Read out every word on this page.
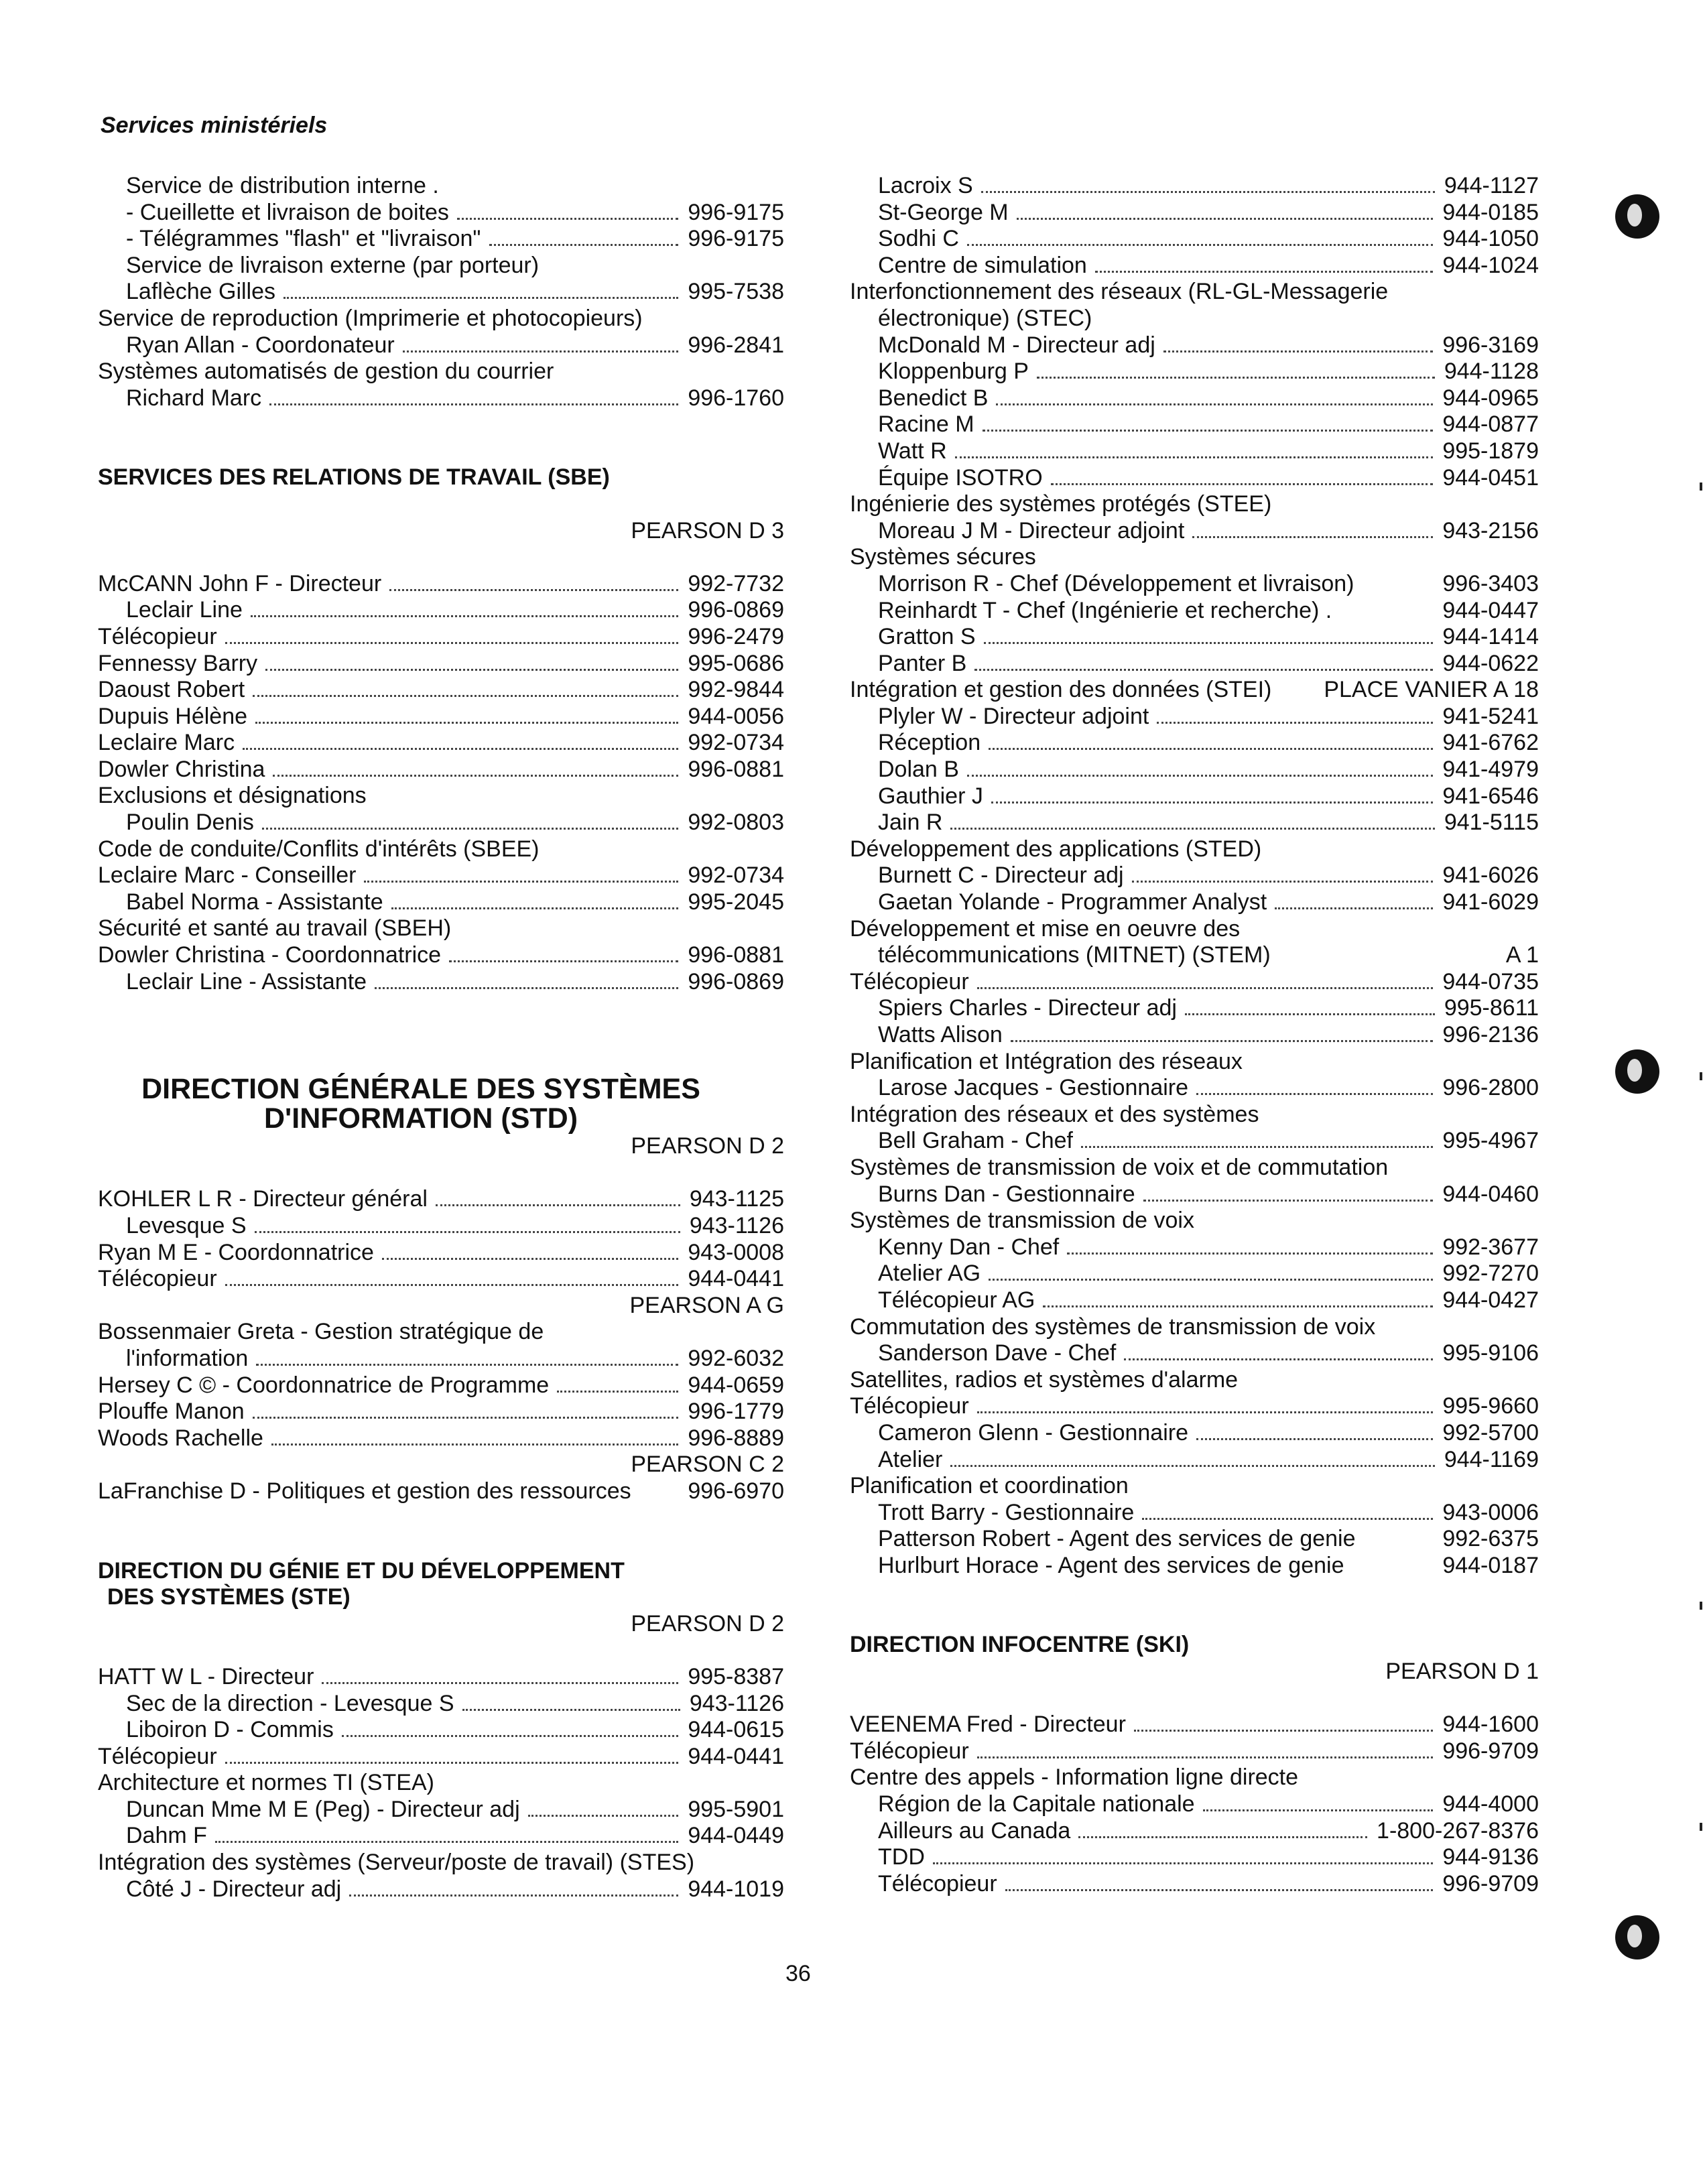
Services ministériels
Service de distribution interne .
- Cueillette et livraison de boites	996-9175
- Télégrammes "flash" et "livraison"	996-9175
Service de livraison externe (par porteur)
Laflèche Gilles	995-7538
Service de reproduction (Imprimerie et photocopieurs)
Ryan Allan - Coordonateur	996-2841
Systèmes automatisés de gestion du courrier
Richard Marc	996-1760
SERVICES DES RELATIONS DE TRAVAIL (SBE)
PEARSON D 3
McCANN John F - Directeur	992-7732
Leclair Line	996-0869
Télécopieur	996-2479
Fennessy Barry	995-0686
Daoust Robert	992-9844
Dupuis Hélène	944-0056
Leclaire Marc	992-0734
Dowler Christina	996-0881
Exclusions et désignations
Poulin Denis	992-0803
Code de conduite/Conflits d'intérêts (SBEE)
Leclaire Marc - Conseiller	992-0734
Babel Norma - Assistante	995-2045
Sécurité et santé au travail (SBEH)
Dowler Christina - Coordonnatrice	996-0881
Leclair Line - Assistante	996-0869
DIRECTION GÉNÉRALE DES SYSTÈMES
D'INFORMATION (STD)
PEARSON D 2
KOHLER L R - Directeur général	943-1125
Levesque S	943-1126
Ryan M E - Coordonnatrice	943-0008
Télécopieur	944-0441
PEARSON A G
Bossenmaier Greta - Gestion stratégique de
l'information	992-6032
Hersey C © - Coordonnatrice de Programme	944-0659
Plouffe Manon	996-1779
Woods Rachelle	996-8889
PEARSON C 2
LaFranchise D - Politiques et gestion des ressources 996-6970
DIRECTION DU GÉNIE ET DU DÉVELOPPEMENT
DES SYSTÈMES (STE)
PEARSON D 2
HATT W L - Directeur	995-8387
Sec de la direction - Levesque S	943-1126
Liboiron D - Commis	944-0615
Télécopieur	944-0441
Architecture et normes TI (STEA)
Duncan Mme M E (Peg) - Directeur adj	995-5901
Dahm F	944-0449
Intégration des systèmes (Serveur/poste de travail) (STES)
Côté J - Directeur adj	944-1019
Lacroix S	944-1127
St-George M	944-0185
Sodhi C	944-1050
Centre de simulation	944-1024
Interfonctionnement des réseaux (RL-GL-Messagerie
électronique) (STEC)
McDonald M - Directeur adj	996-3169
Kloppenburg P	944-1128
Benedict B	944-0965
Racine M	944-0877
Watt R	995-1879
Équipe ISOTRO	944-0451
Ingénierie des systèmes protégés (STEE)
Moreau J M - Directeur adjoint	943-2156
Systèmes sécures
Morrison R - Chef (Développement et livraison)	996-3403
Reinhardt T - Chef (Ingénierie et recherche) .	944-0447
Gratton S	944-1414
Panter B	944-0622
Intégration et gestion des données (STEI) PLACE VANIER A 18
Plyler W - Directeur adjoint	941-5241
Réception	941-6762
Dolan B	941-4979
Gauthier J	941-6546
Jain R	941-5115
Développement des applications (STED)
Burnett C - Directeur adj	941-6026
Gaetan Yolande - Programmer Analyst	941-6029
Développement et mise en oeuvre des
télécommunications (MITNET) (STEM)	A 1
Télécopieur	944-0735
Spiers Charles - Directeur adj	995-8611
Watts Alison	996-2136
Planification et Intégration des réseaux
Larose Jacques - Gestionnaire	996-2800
Intégration des réseaux et des systèmes
Bell Graham - Chef	995-4967
Systèmes de transmission de voix et de commutation
Burns Dan - Gestionnaire	944-0460
Systèmes de transmission de voix
Kenny Dan - Chef	992-3677
Atelier AG	992-7270
Télécopieur AG	944-0427
Commutation des systèmes de transmission de voix
Sanderson Dave - Chef	995-9106
Satellites, radios et systèmes d'alarme
Télécopieur	995-9660
Cameron Glenn - Gestionnaire	992-5700
Atelier	944-1169
Planification et coordination
Trott Barry - Gestionnaire	943-0006
Patterson Robert - Agent des services de genie	992-6375
Hurlburt Horace - Agent des services de genie	944-0187
DIRECTION INFOCENTRE (SKI)
PEARSON D 1
VEENEMA Fred - Directeur	944-1600
Télécopieur	996-9709
Centre des appels - Information ligne directe
Région de la Capitale nationale	944-4000
Ailleurs au Canada	1-800-267-8376
TDD	944-9136
Télécopieur	996-9709
36
